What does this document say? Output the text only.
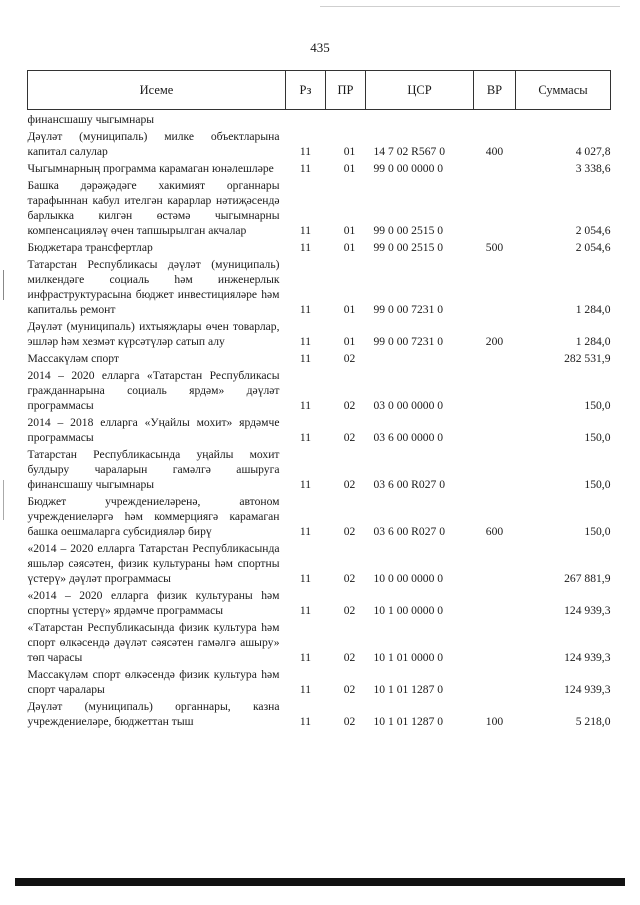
435
Исеме	Рз	ПР	ЦСР	ВР	Суммасы
финансшашу чыгымнары					
Дәүләт (муниципаль) милке объектларына капитал салулар	11	01	14 7 02 R567 0	400	4 027,8
Чыгымнарның программа карамаган юнәлешләре	11	01	99 0 00 0000 0		3 338,6
Башка дәрәҗәдәге хакимият органнары тарафыннан кабул ителгән карарлар нәтиҗәсендә барлыкка килгән өстәмә чыгымнарны компенсацияләү өчен тапшырылган акчалар	11	01	99 0 00 2515 0		2 054,6
Бюджетара трансфертлар	11	01	99 0 00 2515 0	500	2 054,6
Татарстан Республикасы дәүләт (муниципаль) милкендәге социаль һәм инженерлык инфраструктурасына бюджет инвестицияләре һәм капитальь ремонт	11	01	99 0 00 7231 0		1 284,0
Дәүләт (муниципаль) ихтыяҗлары өчен товарлар, эшләр һәм хезмәт күрсәтүләр сатып алу	11	01	99 0 00 7231 0	200	1 284,0
Массакүләм спорт	11	02			282 531,9
2014 – 2020 елларга «Татарстан Республикасы гражданнарына социаль ярдәм» дәүләт программасы	11	02	03 0 00 0000 0		150,0
2014 – 2018 елларга «Уңайлы мохит» ярдәмче программасы	11	02	03 6 00 0000 0		150,0
Татарстан Республикасында уңайлы мохит булдыру чараларын гамәлгә ашыруга финансшашу чыгымнары	11	02	03 6 00 R027 0		150,0
Бюджет учреждениеләренә, автоном учреждениеләргә һәм коммерциягә карамаган башка оешмаларга субсидияләр бирү	11	02	03 6 00 R027 0	600	150,0
«2014 – 2020 елларга Татарстан Республикасында яшьләр сәясәтен, физик культураны һәм спортны үстерү» дәүләт программасы	11	02	10 0 00 0000 0		267 881,9
«2014 – 2020 елларга физик культураны һәм спортны үстерү» ярдәмче программасы	11	02	10 1 00 0000 0		124 939,3
«Татарстан Республикасында физик культура һәм спорт өлкәсендә дәүләт сәясәтен гамәлгә ашыру» төп чарасы	11	02	10 1 01 0000 0		124 939,3
Массакүләм спорт өлкәсендә физик культура һәм спорт чаралары	11	02	10 1 01 1287 0		124 939,3
Дәүләт (муниципаль) органнары, казна учреждениеләре, бюджеттан тыш	11	02	10 1 01 1287 0	100	5 218,0
